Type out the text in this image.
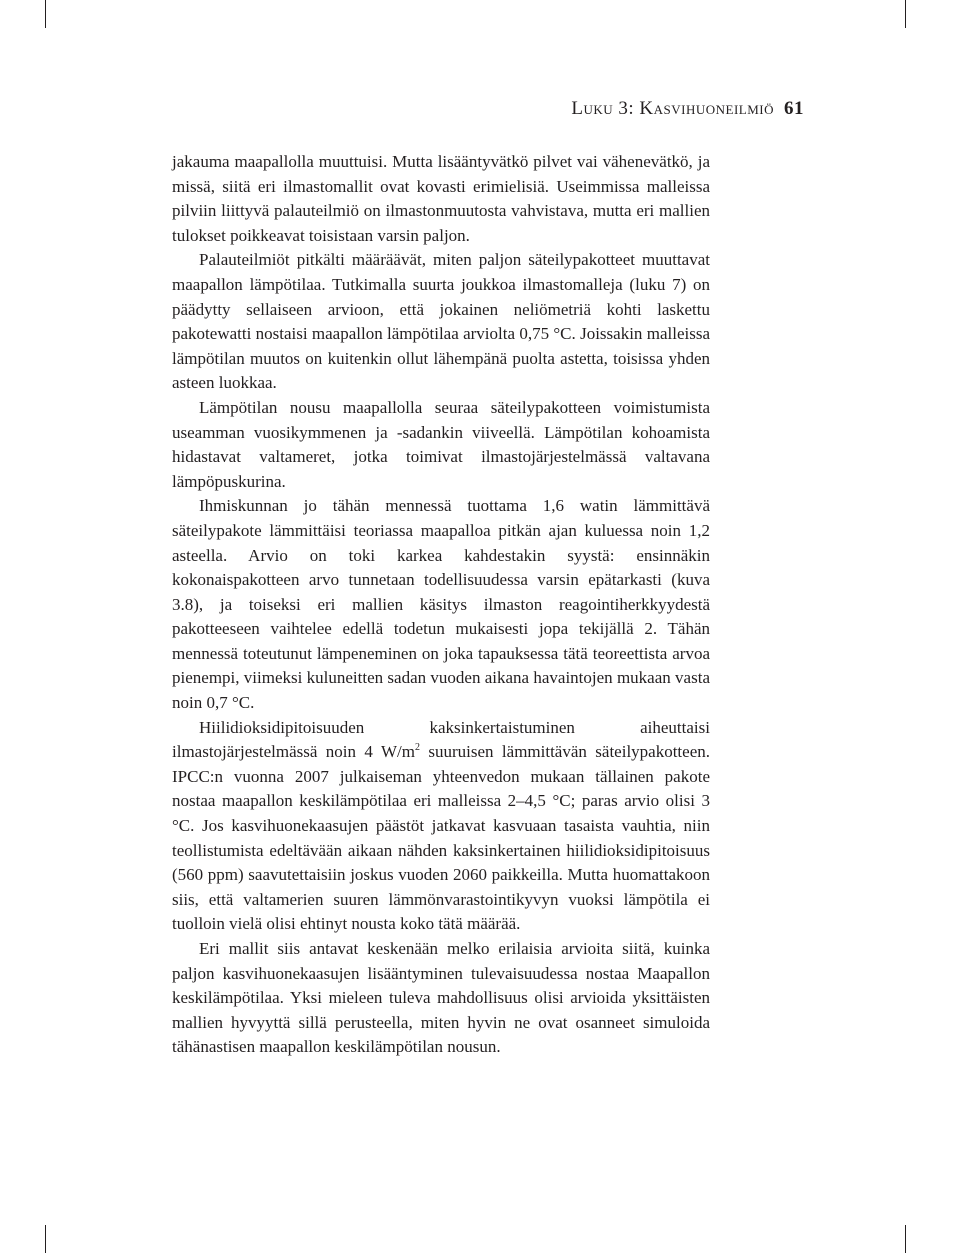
Luku 3: Kasvihuoneilmiö 61

jakauma maapallolla muuttuisi. Mutta lisääntyvätkö pilvet vai vähenevätkö, ja missä, siitä eri ilmastomallit ovat kovasti erimielisiä. Useimmissa malleissa pilviin liittyvä palauteilmiö on ilmastonmuutosta vahvistava, mutta eri mallien tulokset poikkeavat toisistaan varsin paljon.

Palauteilmiöt pitkälti määräävät, miten paljon säteilypakotteet muuttavat maapallon lämpötilaa. Tutkimalla suurta joukkoa ilmastomalleja (luku 7) on päädytty sellaiseen arvioon, että jokainen neliömetriä kohti laskettu pakotewatti nostaisi maapallon lämpötilaa arviolta 0,75 °C. Joissakin malleissa lämpötilan muutos on kuitenkin ollut lähempänä puolta astetta, toisissa yhden asteen luokkaa.

Lämpötilan nousu maapallolla seuraa säteilypakotteen voimistumista useamman vuosikymmenen ja -sadankin viiveellä. Lämpötilan kohoamista hidastavat valtameret, jotka toimivat ilmastojärjestelmässä valtavana lämpöpuskurina.

Ihmiskunnan jo tähän mennessä tuottama 1,6 watin lämmittävä säteilypakote lämmittäisi teoriassa maapalloa pitkän ajan kuluessa noin 1,2 asteella. Arvio on toki karkea kahdestakin syystä: ensinnäkin kokonaispakotteen arvo tunnetaan todellisuudessa varsin epätarkasti (kuva 3.8), ja toiseksi eri mallien käsitys ilmaston reagointiherkkyydestä pakotteeseen vaihtelee edellä todetun mukaisesti jopa tekijällä 2. Tähän mennessä toteutunut lämpeneminen on joka tapauksessa tätä teoreettista arvoa pienempi, viimeksi kuluneitten sadan vuoden aikana havaintojen mukaan vasta noin 0,7 °C.

Hiilidioksidipitoisuuden kaksinkertaistuminen aiheuttaisi ilmastojärjestelmässä noin 4 $W/m^2$ suuruisen lämmittävän säteilypakotteen. IPCC:n vuonna 2007 julkaiseman yhteenvedon mukaan tällainen pakote nostaa maapallon keskilämpötilaa eri malleissa 2–4,5 °C; paras arvio olisi 3 °C. Jos kasvihuonekaasujen päästöt jatkavat kasvuaan tasaista vauhtia, niin teollistumista edeltävään aikaan nähden kaksinkertainen hiilidioksidipitoisuus (560 ppm) saavutettaisiin joskus vuoden 2060 paikkeilla. Mutta huomattakoon siis, että valtamerien suuren lämmönvarastointikyvyn vuoksi lämpötila ei tuolloin vielä olisi ehtinyt nousta koko tätä määrää.

Eri mallit siis antavat keskenään melko erilaisia arvioita siitä, kuinka paljon kasvihuonekaasujen lisääntyminen tulevaisuudessa nostaa Maapallon keskilämpötilaa. Yksi mieleen tuleva mahdollisuus olisi arvioida yksittäisten mallien hyvyyttä sillä perusteella, miten hyvin ne ovat osanneet simuloida tähänastisen maapallon keskilämpötilan nousun.
